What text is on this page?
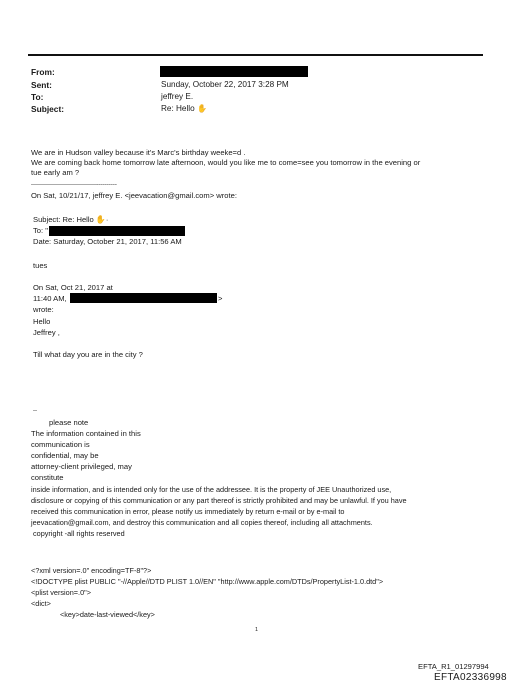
From:
Sent:	Sunday, October 22, 2017 3:28 PM
To:	jeffrey E.
Subject:	Re: Hello ✋
We are in Hudson valley because it's Marc's birthday weeke=d .
We are coming back home tomorrow late afternoon, would you like me to come=see you tomorrow in the evening or
tue early am ?
-------------------------------------------
On Sat, 10/21/17, jeffrey E. <jeevacation@gmail.com> wrote:
Subject: Re: Hello ✋·
To: "
Date: Saturday, October 21, 2017, 11:56 AM
tues
On Sat, Oct 21, 2017 at
11:40 AM,	>
wrote:
Hello
Jeffrey ,
Till what day you are in the city ?
--
please note
The information contained in this
communication is
confidential, may be
attorney-client privileged, may
constitute
inside information, and is intended only for the use of the addressee. It is the property of JEE Unauthorized use,
disclosure or copying of this communication or any part thereof is strictly prohibited and may be unlawful. If you have
received this communication in error, please notify us immediately by return e-mail or by e-mail to
jeevacation@gmail.com, and destroy this communication and all copies thereof, including all attachments.
copyright -all rights reserved
<?xml version=.0" encoding=TF-8"?>
<!DOCTYPE plist PUBLIC "-//Apple//DTD PLIST 1.0//EN" "http://www.apple.com/DTDs/PropertyList-1.0.dtd">
<plist version=.0">
<dict>
<key>date-last-viewed</key>
1
EFTA_R1_01297994
EFTA02336998
